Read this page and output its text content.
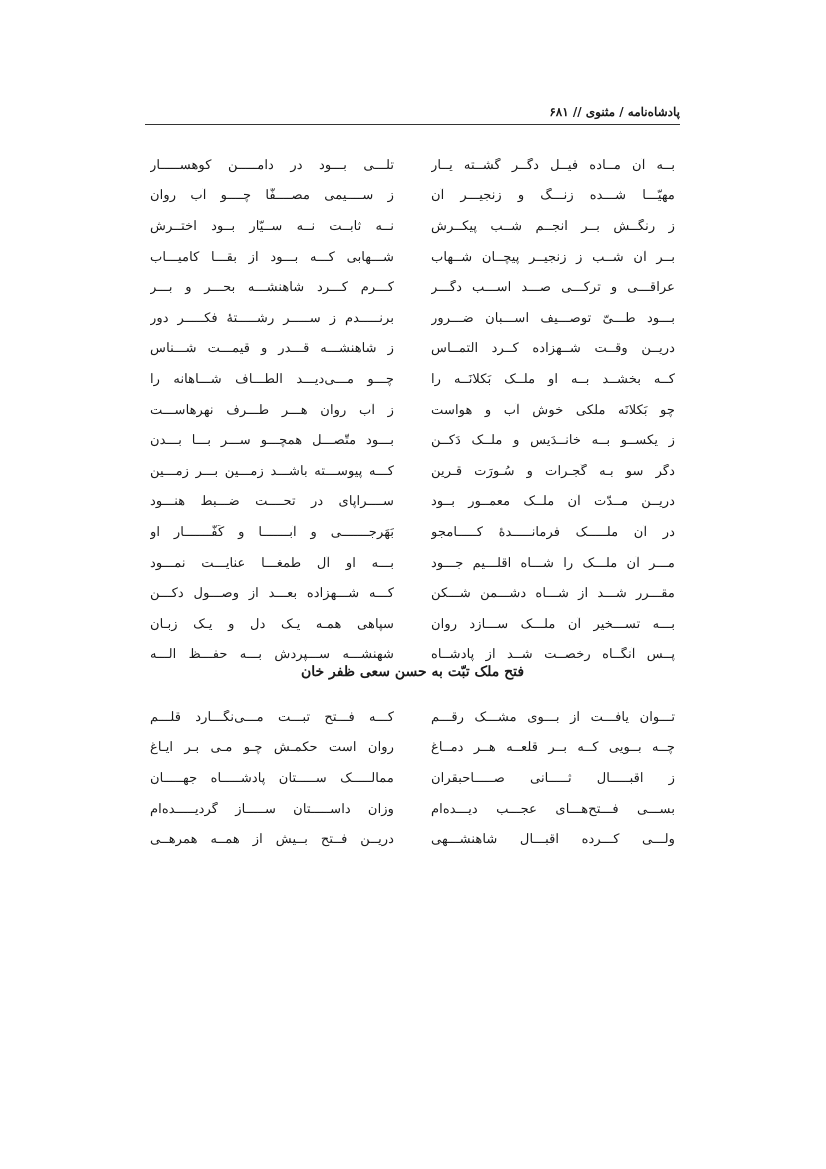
پادشاه‌نامه / مثنوی // ۶۸۱
بــه آن مــاده فیــل دگــر گشــته یــار
تلـــی بـــود در دامـــــن کوهســـــار
مهیّـــا شـــده زنـــگ و زنجیـــر آن
ز ســــیمی مصــــفّا چــــو آب روان
ز رنگــش بــر انجــم شــب پیکــرش
نــه ثابــت نــه ســیّار بــود اختــرش
بــر آن شــب ز زنجیــر پیچــان شــهاب
شـــهابی کـــه بـــود از بقـــا کامیـــاب
عراقـــی و ترکـــی صـــد اســـب دگـــر
کـــرم کـــرد شاهنشـــه بحـــر و بـــر
بـــود طـــیّ توصـــیف اســـبان ضـــرور
برنـــــدم ز ســـــر رشـــــتۀ فکـــــر دور
دریــن وقــت شــهزاده کــرد التمــاس
ز شاهنشـــه قـــدر و قیمـــت شـــناس
کــه بخشــد بــه او ملــک بَکلانَــه را
چـــو مـــی‌دیـــد الطـــاف شـــاهانه را
چو بَکلانَه ملکی خوش آب و هواست
ز آب روان هـــر طـــرف نهرهاســـت
ز یکســو بــه خانــدَیس و ملــک دَکــن
بـــود متّصـــل همچـــو ســـر بـــا بـــدن
دگر سو بـه گُجـرات و سُـورَت قـرین
کـــه پیوســـته باشـــد زمـــین بـــر زمـــین
دریــن مــدّت آن ملــک معمــور بــود
ســــراپای در تحــــت ضـــبط هنـــود
در آن ملـــــک فرمانـــــدۀ کـــــامجو
بَهَرجـــــــی و آبـــــــا و کَفّـــــــار او
مـــر آن ملـــک را شـــاه اقلـــیم جـــود
بـــه او آل طمغـــا عنایـــت نمـــود
مقـــرر شـــد از شـــاه دشـــمن شـــکن
کـــه شـــهزاده بعـــد از وصـــول دکـــن
بـــه تســـخیر آن ملـــک ســـازد روان
سپاهی همـه یـک دل و یـک زبـان
پــس آنگــاه رخصــت شــد از پادشــاه
شهنشـــه ســـپردش بـــه حفـــظ الـــه
فتح ملک تبّت به حسن سعی ظفر خان
تـــوان یافـــت از بـــوی مشـــک رقـــم
کـــه فـــتح تبـــت مـــی‌نگـــارد قلـــم
چــه بــویی کــه بــر قلعــه هــر دمــاغ
روان است حکمـش چـو مـی بـر ایـاغ
ز اقبـــــال ثـــــانی صـــــاحبقران
ممالـــــک ســـــتان پادشـــــاه جهـــــان
بســـی فـــتح‌هـــای عجـــب دیـــده‌ام
وزان داســـــتان ســـــاز گردیـــــده‌ام
ولـــی کـــرده اقبـــال شاهنشـــهی
دریــن فــتح بــیش از همــه همرهــی
